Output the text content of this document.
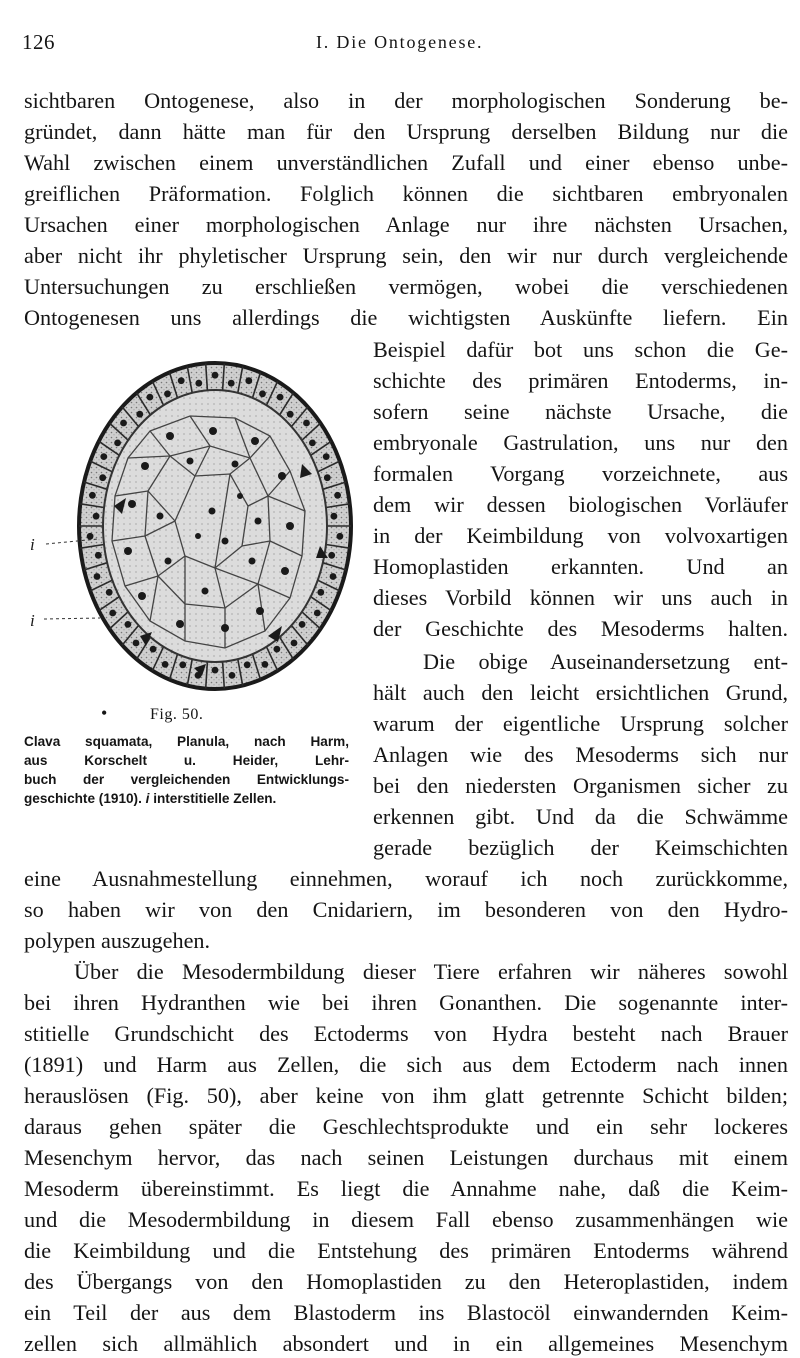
126	I. Die Ontogenese.
sichtbaren Ontogenese, also in der morphologischen Sonderung be-
gründet, dann hätte man für den Ursprung derselben Bildung nur die
Wahl zwischen einem unverständlichen Zufall und einer ebenso unbe-
greiflichen Präformation. Folglich können die sichtbaren embryonalen
Ursachen einer morphologischen Anlage nur ihre nächsten Ursachen,
aber nicht ihr phyletischer Ursprung sein, den wir nur durch vergleichende
Untersuchungen zu erschließen vermögen, wobei die verschiedenen
Ontogenesen uns allerdings die wichtigsten Auskünfte liefern. Ein
Beispiel dafür bot uns schon die Ge-
schichte des primären Entoderms, in-
sofern seine nächste Ursache, die
embryonale Gastrulation, uns nur den
formalen Vorgang vorzeichnete, aus
dem wir dessen biologischen Vorläufer
in der Keimbildung von volvoxartigen
Homoplastiden erkannten. Und an
dieses Vorbild können wir uns auch in
der Geschichte des Mesoderms halten.
Die obige Auseinandersetzung ent-
hält auch den leicht ersichtlichen Grund,
warum der eigentliche Ursprung solcher
Anlagen wie des Mesoderms sich nur
bei den niedersten Organismen sicher zu
erkennen gibt. Und da die Schwämme
gerade bezüglich der Keimschichten
eine Ausnahmestellung einnehmen, worauf ich noch zurückkomme,
so haben wir von den Cnidariern, im besonderen von den Hydro-
polypen auszugehen.
Über die Mesodermbildung dieser Tiere erfahren wir näheres sowohl
bei ihren Hydranthen wie bei ihren Gonanthen. Die sogenannte inter-
stitielle Grundschicht des Ectoderms von Hydra besteht nach Brauer
(1891) und Harm aus Zellen, die sich aus dem Ectoderm nach innen
herauslösen (Fig. 50), aber keine von ihm glatt getrennte Schicht bilden;
daraus gehen später die Geschlechtsprodukte und ein sehr lockeres
Mesenchym hervor, das nach seinen Leistungen durchaus mit einem
Mesoderm übereinstimmt. Es liegt die Annahme nahe, daß die Keim-
und die Mesodermbildung in diesem Fall ebenso zusammenhängen wie
die Keimbildung und die Entstehung des primären Entoderms während
des Übergangs von den Homoplastiden zu den Heteroplastiden, indem
ein Teil der aus dem Blastoderm ins Blastocöl einwandernden Keim-
zellen sich allmählich absondert und in ein allgemeines Mesenchym
i
i
•	Fig. 50.
Clava squamata, Planula, nach Harm,
aus Korschelt u. Heider, Lehr-
buch der vergleichenden Entwicklungs-
geschichte (1910). i interstitielle Zellen.
